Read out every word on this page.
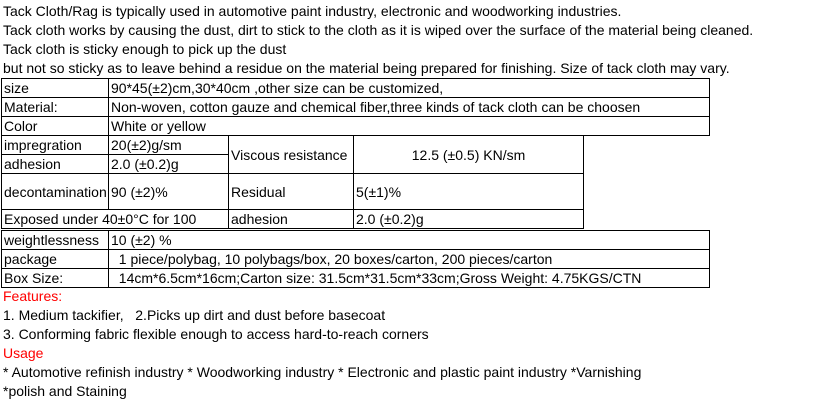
Tack Cloth/Rag is typically used in automotive paint industry, electronic and woodworking industries.
Tack cloth works by causing the dust, dirt to stick to the cloth as it is wiped over the surface of the material being cleaned.
Tack cloth is sticky enough to pick up the dust
but not so sticky as to leave behind a residue on the material being prepared for finishing. Size of tack cloth may vary.
size	90*45(±2)cm,30*40cm ,other size can be customized,
Material:	Non-woven, cotton gauze and chemical fiber,three kinds of tack cloth can be choosen
Color	White or yellow
impregration	20(±2)g/sm	Viscous resistance	12.5 (±0.5) KN/sm
adhesion	2.0 (±0.2)g		
decontamination	90 (±2)%	Residual	5(±1)%
Exposed under 40±0°C for 100		adhesion	2.0 (±0.2)g
weightlessness	10 (±2) %
package	1 piece/polybag, 10 polybags/box, 20 boxes/carton, 200 pieces/carton
Box Size:	14cm*6.5cm*16cm;Carton size: 31.5cm*31.5cm*33cm;Gross Weight: 4.75KGS/CTN
Features:
1. Medium tackifier,   2.Picks up dirt and dust before basecoat
3. Conforming fabric flexible enough to access hard-to-reach corners
Usage
* Automotive refinish industry * Woodworking industry * Electronic and plastic paint industry *Varnishing
*polish and Staining
